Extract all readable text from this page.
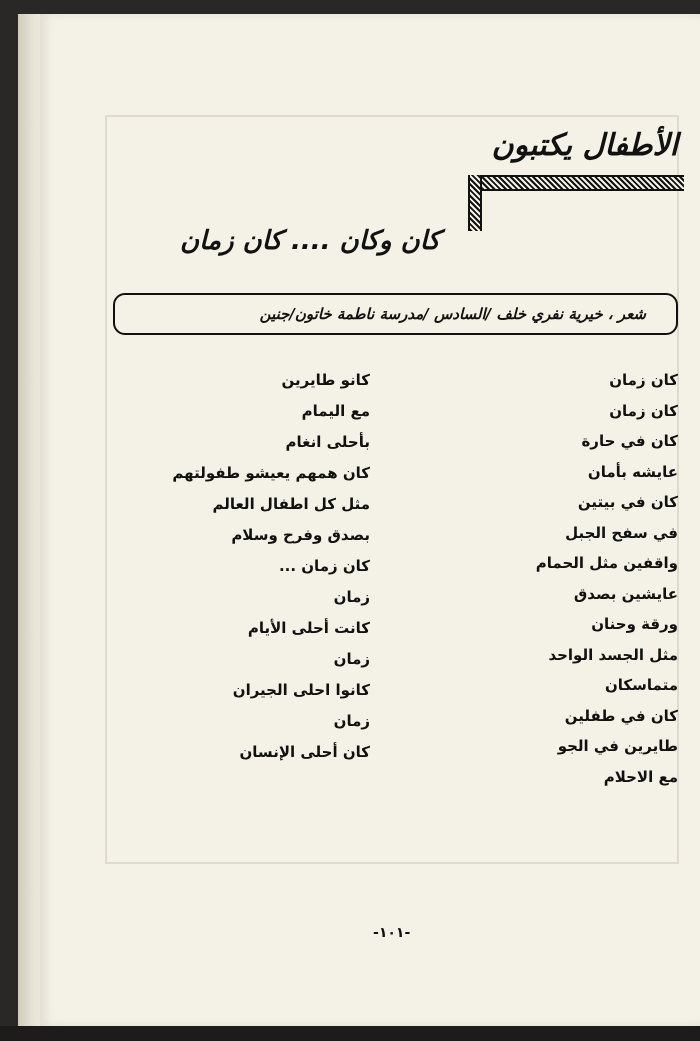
الأطفال يكتبون
كان وكان .... كان زمان
شعر ، خيرية نفري خلف /السادس /مدرسة ناطمة خاتون/جنين
كان زمان
كان زمان
كان في حارة
عايشه بأمان
كان في بيتين
في سفح الجبل
واقفين مثل الحمام
عايشين بصدق
ورقة وحنان
مثل الجسد الواحد
متماسكان
كان في طفلين
طايرين في الجو
مع الاحلام
كانو طايرين
مع اليمام
بأحلى انغام
كان همهم يعيشو طفولتهم
مثل كل اطفال العالم
بصدق وفرح وسلام
كان زمان ...
زمان
كانت أحلى الأيام
زمان
كانوا احلى الجيران
زمان
كان أحلى الإنسان
-١٠١-
